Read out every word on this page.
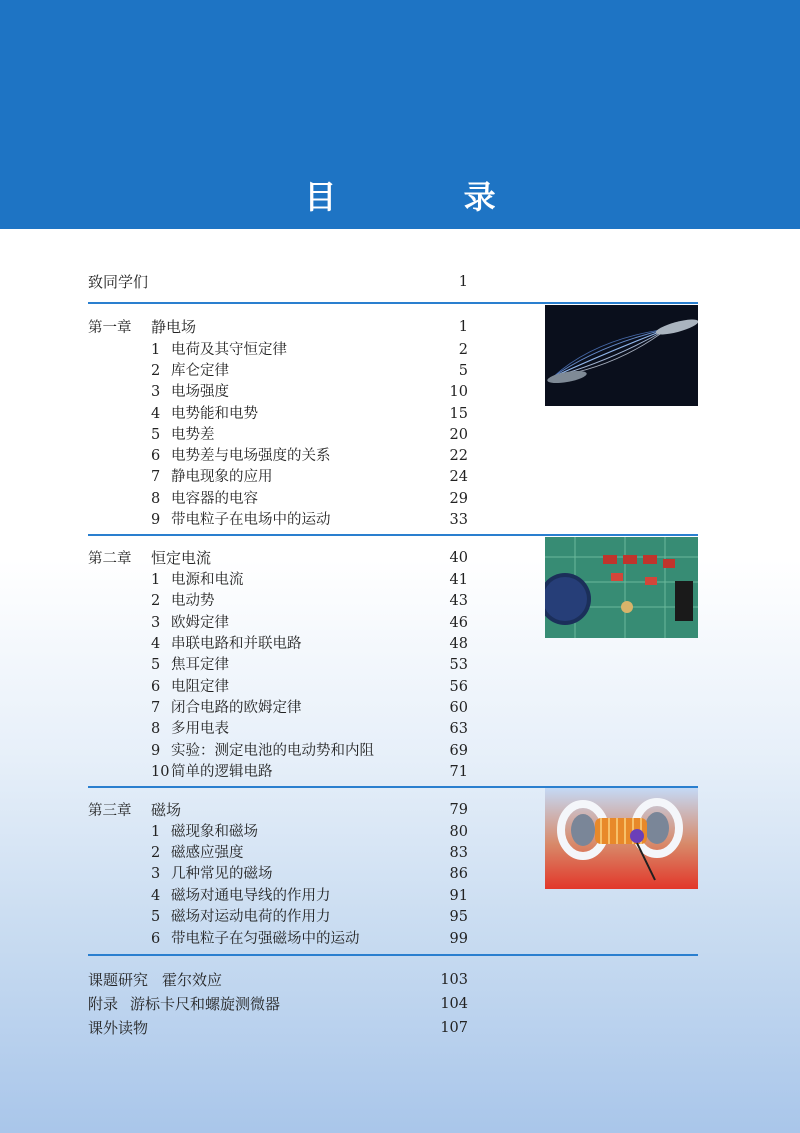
目 录
致同学们	1
第一章 静电场	1
1 电荷及其守恒定律	2
2 库仑定律	5
3 电场强度	10
4 电势能和电势	15
5 电势差	20
6 电势差与电场强度的关系	22
7 静电现象的应用	24
8 电容器的电容	29
9 带电粒子在电场中的运动	33
第二章 恒定电流	40
1 电源和电流	41
2 电动势	43
3 欧姆定律	46
4 串联电路和并联电路	48
5 焦耳定律	53
6 电阻定律	56
7 闭合电路的欧姆定律	60
8 多用电表	63
9 实验：测定电池的电动势和内阻	69
10 简单的逻辑电路	71
第三章 磁场	79
1 磁现象和磁场	80
2 磁感应强度	83
3 几种常见的磁场	86
4 磁场对通电导线的作用力	91
5 磁场对运动电荷的作用力	95
6 带电粒子在匀强磁场中的运动	99
课题研究 霍尔效应	103
附录 游标卡尺和螺旋测微器	104
课外读物	107
